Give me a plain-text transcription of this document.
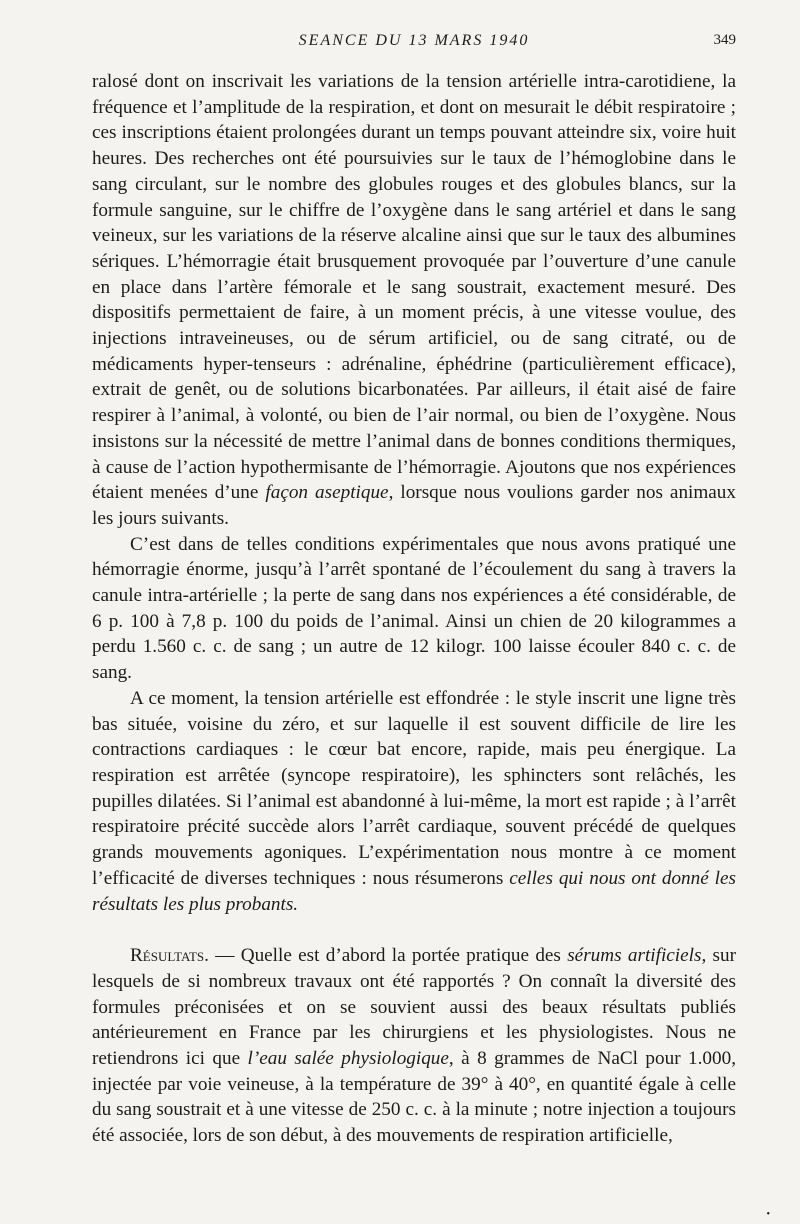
SEANCE DU 13 MARS 1940	349

ralosé dont on inscrivait les variations de la tension artérielle intra-carotidiene, la fréquence et l’amplitude de la respiration, et dont on mesurait le débit respiratoire ; ces inscriptions étaient prolongées durant un temps pouvant atteindre six, voire huit heures. Des recherches ont été poursuivies sur le taux de l’hémoglobine dans le sang circulant, sur le nombre des globules rouges et des globules blancs, sur la formule sanguine, sur le chiffre de l’oxygène dans le sang artériel et dans le sang veineux, sur les variations de la réserve alcaline ainsi que sur le taux des albumines sériques. L’hémorragie était brusquement provoquée par l’ouverture d’une canule en place dans l’artère fémorale et le sang soustrait, exactement mesuré. Des dispositifs permettaient de faire, à un moment précis, à une vitesse voulue, des injections intraveineuses, ou de sérum artificiel, ou de sang citraté, ou de médicaments hyper-tenseurs : adrénaline, éphédrine (particulièrement efficace), extrait de genêt, ou de solutions bicarbonatées. Par ailleurs, il était aisé de faire respirer à l’animal, à volonté, ou bien de l’air normal, ou bien de l’oxygène. Nous insistons sur la nécessité de mettre l’animal dans de bonnes conditions thermiques, à cause de l’action hypothermisante de l’hémorragie. Ajoutons que nos expériences étaient menées d’une façon aseptique, lorsque nous voulions garder nos animaux les jours suivants.

C’est dans de telles conditions expérimentales que nous avons pratiqué une hémorragie énorme, jusqu’à l’arrêt spontané de l’écoulement du sang à travers la canule intra-artérielle ; la perte de sang dans nos expériences a été considérable, de 6 p. 100 à 7,8 p. 100 du poids de l’animal. Ainsi un chien de 20 kilogrammes a perdu 1.560 c. c. de sang ; un autre de 12 kilogr. 100 laisse écouler 840 c. c. de sang.

A ce moment, la tension artérielle est effondrée : le style inscrit une ligne très bas située, voisine du zéro, et sur laquelle il est souvent difficile de lire les contractions cardiaques : le cœur bat encore, rapide, mais peu énergique. La respiration est arrêtée (syncope respiratoire), les sphincters sont relâchés, les pupilles dilatées. Si l’animal est abandonné à lui-même, la mort est rapide ; à l’arrêt respiratoire précité succède alors l’arrêt cardiaque, souvent précédé de quelques grands mouvements agoniques. L’expérimentation nous montre à ce moment l’efficacité de diverses techniques : nous résumerons celles qui nous ont donné les résultats les plus probants.

Résultats. — Quelle est d’abord la portée pratique des sérums artificiels, sur lesquels de si nombreux travaux ont été rapportés ? On connaît la diversité des formules préconisées et on se souvient aussi des beaux résultats publiés antérieurement en France par les chirurgiens et les physiologistes. Nous ne retiendrons ici que l’eau salée physiologique, à 8 grammes de NaCl pour 1.000, injectée par voie veineuse, à la température de 39° à 40°, en quantité égale à celle du sang soustrait et à une vitesse de 250 c. c. à la minute ; notre injection a toujours été associée, lors de son début, à des mouvements de respiration artificielle,

•
